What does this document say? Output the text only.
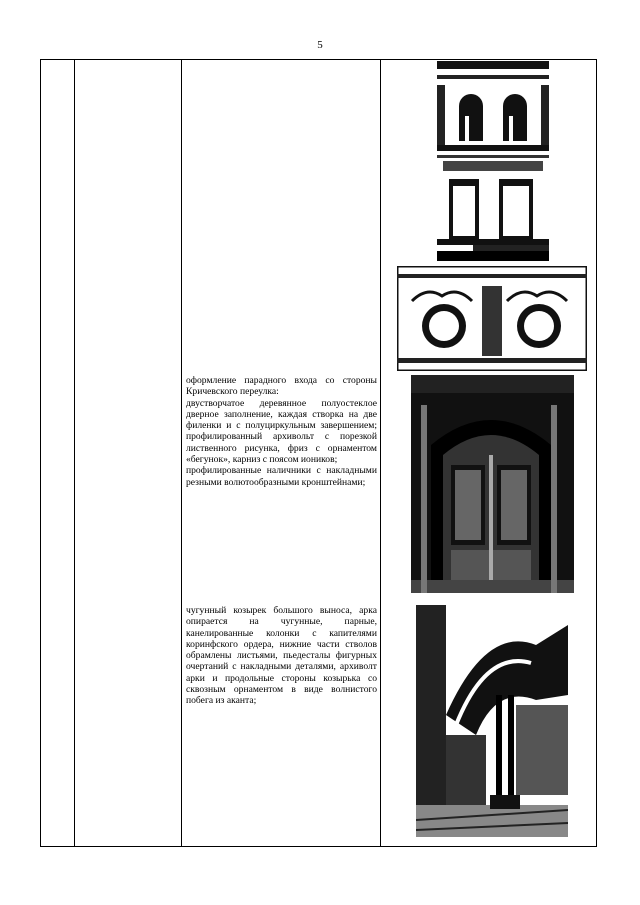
5

оформление парадного входа со стороны Кричевского переулка:

двустворчатое деревянное полуостеклое дверное заполнение, каждая створка на две филенки и с полуциркульным завершением; профилированный архивольт с порезкой лиственного рисунка, фриз с орнаментом «бегунок», карниз с поясом иоников;

профилированные наличники с накладными резными волютообразными кронштейнами;

чугунный козырек большого выноса, арка опирается на чугунные, парные, канелированные колонки с капителями коринфского ордера, нижние части стволов обрамлены листьями, пьедесталы фигурных очертаний с накладными деталями, архиволт арки и продольные стороны козырька со сквозным орнаментом в виде волнистого побега из аканта;
